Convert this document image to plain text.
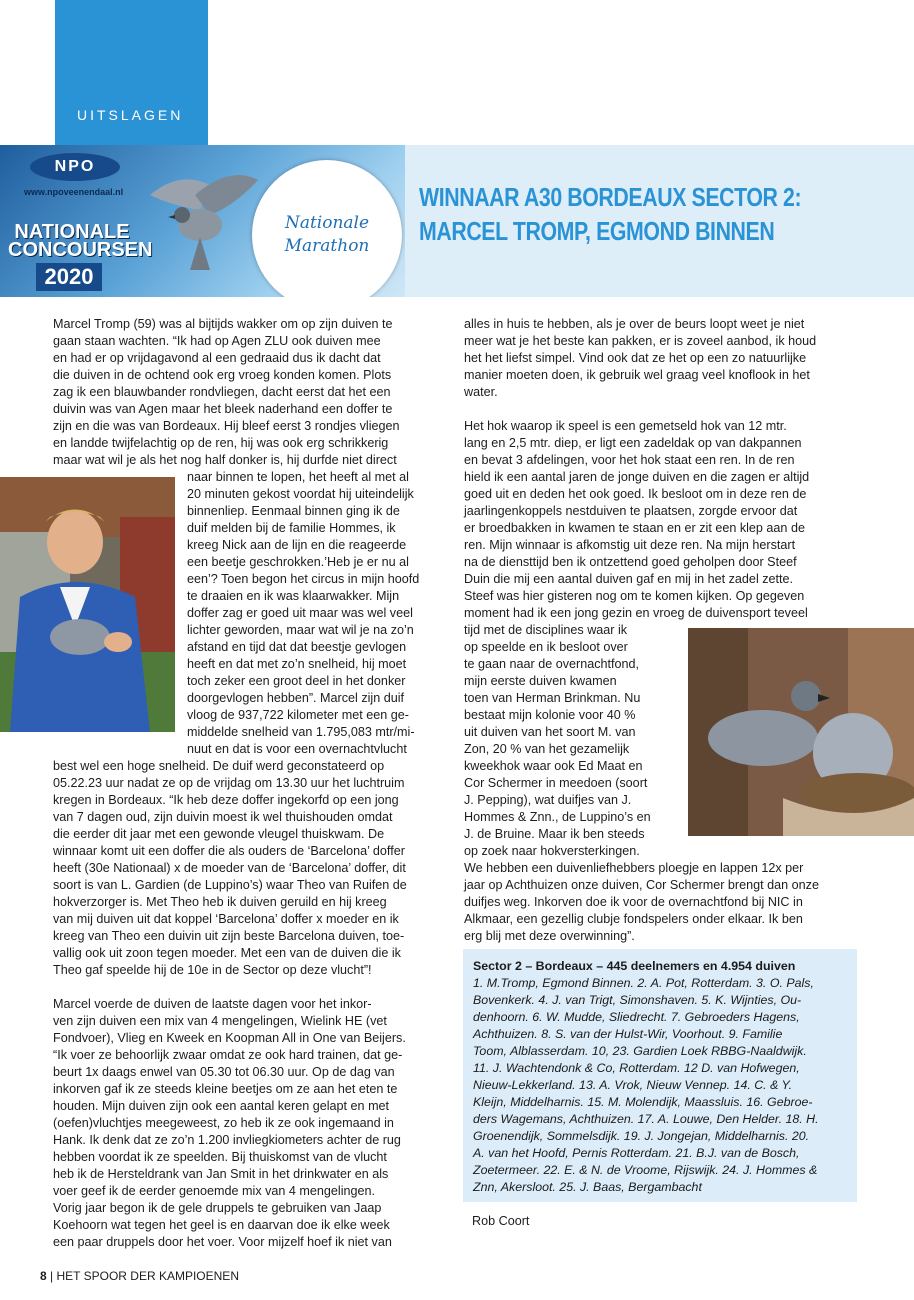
UITSLAGEN
NPO
www.npoveenendaal.nl
NATIONALE
CONCOURSEN
2020
Nationale
Marathon
WINNAAR A30 BORDEAUX SECTOR 2:
MARCEL TROMP, EGMOND BINNEN
Marcel Tromp (59) was al bijtijds wakker om op zijn duiven te
gaan staan wachten. “Ik had op Agen ZLU ook duiven mee
en had er op vrijdagavond al een gedraaid dus ik dacht dat
die duiven in de ochtend ook erg vroeg konden komen. Plots
zag ik een blauwbander rondvliegen, dacht eerst dat het een
duivin was van Agen maar het bleek naderhand een doffer te
zijn en die was van Bordeaux. Hij bleef eerst 3 rondjes vliegen
en landde twijfelachtig op de ren, hij was ook erg schrikkerig
maar wat wil je als het nog half donker is, hij durfde niet direct
naar binnen te lopen, het heeft al met al
20 minuten gekost voordat hij uiteindelijk
binnenliep. Eenmaal binnen ging ik de
duif melden bij de familie Hommes, ik
kreeg Nick aan de lijn en die reageerde
een beetje geschrokken.’Heb je er nu al
een’? Toen begon het circus in mijn hoofd
te draaien en ik was klaarwakker. Mijn
doffer zag er goed uit maar was wel veel
lichter geworden, maar wat wil je na zo’n
afstand en tijd dat dat beestje gevlogen
heeft en dat met zo’n snelheid, hij moet
toch zeker een groot deel in het donker
doorgevlogen hebben”. Marcel zijn duif
vloog de 937,722 kilometer met een ge-
middelde snelheid van 1.795,083 mtr/mi-
nuut en dat is voor een overnachtvlucht
best wel een hoge snelheid. De duif werd geconstateerd op
05.22.23 uur nadat ze op de vrijdag om 13.30 uur het luchtruim
kregen in Bordeaux. “Ik heb deze doffer ingekorfd op een jong
van 7 dagen oud, zijn duivin moest ik wel thuishouden omdat
die eerder dit jaar met een gewonde vleugel thuiskwam. De
winnaar komt uit een doffer die als ouders de ‘Barcelona’ doffer
heeft (30e Nationaal) x de moeder van de ‘Barcelona’ doffer, dit
soort is van L. Gardien (de Luppino’s) waar Theo van Ruifen de
hokverzorger is. Met Theo heb ik duiven geruild en hij kreeg
van mij duiven uit dat koppel ‘Barcelona’ doffer x moeder en ik
kreeg van Theo een duivin uit zijn beste Barcelona duiven, toe-
vallig ook uit zoon tegen moeder. Met een van de duiven die ik
Theo gaf speelde hij de 10e in de Sector op deze vlucht”!
Marcel voerde de duiven de laatste dagen voor het inkor-
ven zijn duiven een mix van 4 mengelingen, Wielink HE (vet
Fondvoer), Vlieg en Kweek en Koopman All in One van Beijers.
“Ik voer ze behoorlijk zwaar omdat ze ook hard trainen, dat ge-
beurt 1x daags enwel van 05.30 tot 06.30 uur. Op de dag van
inkorven gaf ik ze steeds kleine beetjes om ze aan het eten te
houden. Mijn duiven zijn ook een aantal keren gelapt en met
(oefen)vluchtjes meegeweest, zo heb ik ze ook ingemaand in
Hank. Ik denk dat ze zo’n 1.200 invliegkiometers achter de rug
hebben voordat ik ze speelden. Bij thuiskomst van de vlucht
heb ik de Hersteldrank van Jan Smit in het drinkwater en als
voer geef ik de eerder genoemde mix van 4 mengelingen.
Vorig jaar begon ik de gele druppels te gebruiken van Jaap
Koehoorn wat tegen het geel is en daarvan doe ik elke week
een paar druppels door het voer. Voor mijzelf hoef ik niet van
alles in huis te hebben, als je over de beurs loopt weet je niet
meer wat je het beste kan pakken, er is zoveel aanbod, ik houd
het het liefst simpel. Vind ook dat ze het op een zo natuurlijke
manier moeten doen, ik gebruik wel graag veel knoflook in het
water.
Het hok waarop ik speel is een gemetseld hok van 12 mtr.
lang en 2,5 mtr. diep, er ligt een zadeldak op van dakpannen
en bevat 3 afdelingen, voor het hok staat een ren. In de ren
hield ik een aantal jaren de jonge duiven en die zagen er altijd
goed uit en deden het ook goed. Ik besloot om in deze ren de
jaarlingenkoppels nestduiven te plaatsen, zorgde ervoor dat
er broedbakken in kwamen te staan en er zit een klep aan de
ren. Mijn winnaar is afkomstig uit deze ren. Na mijn herstart
na de diensttijd ben ik ontzettend goed geholpen door Steef
Duin die mij een aantal duiven gaf en mij in het zadel zette.
Steef was hier gisteren nog om te komen kijken. Op gegeven
moment had ik een jong gezin en vroeg de duivensport teveel
tijd met de disciplines waar ik
op speelde en ik besloot over
te gaan naar de overnachtfond,
mijn eerste duiven kwamen
toen van Herman Brinkman. Nu
bestaat mijn kolonie voor 40 %
uit duiven van het soort M. van
Zon, 20 % van het gezamelijk
kweekhok waar ook Ed Maat en
Cor Schermer in meedoen (soort
J. Pepping), wat duifjes van J.
Hommes & Znn., de Luppino’s en
J. de Bruine. Maar ik ben steeds
op zoek naar hokversterkingen.
We hebben een duivenliefhebbers ploegje en lappen 12x per
jaar op Achthuizen onze duiven, Cor Schermer brengt dan onze
duifjes weg. Inkorven doe ik voor de overnachtfond bij NIC in
Alkmaar, een gezellig clubje fondspelers onder elkaar. Ik ben
erg blij met deze overwinning”.
Sector 2 – Bordeaux – 445 deelnemers en 4.954 duiven
1. M.Tromp, Egmond Binnen. 2. A. Pot, Rotterdam. 3. O. Pals,
Bovenkerk. 4. J. van Trigt, Simonshaven. 5. K. Wijnties, Ou-
denhoorn. 6. W. Mudde, Sliedrecht. 7. Gebroeders Hagens,
Achthuizen. 8. S. van der Hulst-Wir, Voorhout. 9. Familie
Toom, Alblasserdam. 10, 23. Gardien Loek RBBG-Naaldwijk.
11. J. Wachtendonk & Co, Rotterdam. 12 D. van Hofwegen,
Nieuw-Lekkerland. 13. A. Vrok, Nieuw Vennep. 14. C. & Y.
Kleijn, Middelharnis. 15. M. Molendijk, Maassluis. 16. Gebroe-
ders Wagemans, Achthuizen. 17. A. Louwe, Den Helder. 18. H.
Groenendijk, Sommelsdijk. 19. J. Jongejan, Middelharnis. 20.
A. van het Hoofd, Pernis Rotterdam. 21. B.J. van de Bosch,
Zoetermeer. 22. E. & N. de Vroome, Rijswijk. 24. J. Hommes &
Znn, Akersloot. 25. J. Baas, Bergambacht
Rob Coort
8 | HET SPOOR DER KAMPIOENEN
